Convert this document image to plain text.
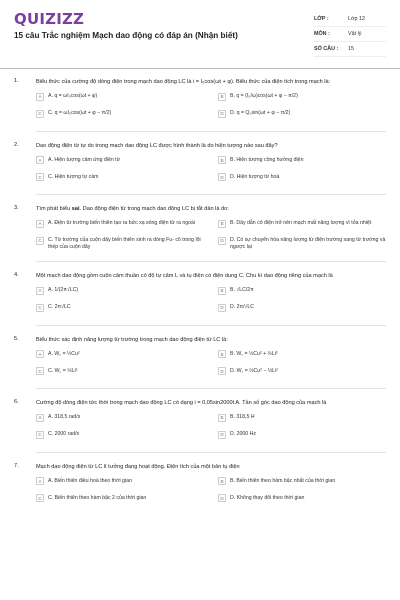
QUIZIZZ
15 câu Trắc nghiệm Mạch dao động có đáp án (Nhận biết)
LỚP :	Lớp 12
MÔN :	Vật lý
SỐ CÂU :	15
1.	Biểu thức của cường độ dòng điện trong mạch dao động LC là i = I₀cos(ωt + φ). Biểu thức của điện tích trong mạch là:
A	A. q = ωI₀cos(ωt + φ)	B	B. q = (I₀/ω)cos(ωt + φ − π/2)
C	C. q = ωI₀cos(ωt + φ − π/2)	D	D. q = Q₀sin(ωt + φ − π/2)
2.	Dao động điện từ tự do trong mạch dao động LC được hình thành là do hiện tượng nào sau đây?
A	A. Hiện tượng cảm ứng điện từ	B	B. Hiện tượng cộng hưởng điện
C	C. Hiện tượng tự cảm	D	D. Hiện tượng từ hoá
3.	Tìm phát biểu sai. Dao động điện từ trong mạch dao động LC bị tắt dần là do:
A	A. Điện từ trường biến thiên tạo ra bức xạ sóng điện từ ra ngoài	B	B. Dây dẫn có điện trở nên mạch mất năng lượng vì tỏa nhiệt
C	C. Từ trường của cuộn dây biến thiên sinh ra dòng Fu- cô trong lõi thép của cuộn dây
D	D. Có sự chuyển hóa năng lượng từ điện trường sang từ trường và ngược lại
4.	Một mạch dao động gồm cuộn cảm thuần có độ tự cảm L và tụ điện có điện dung C. Chu kì dao động riêng của mạch là
A	A. 1/(2π√LC)	B	B. √LC/2π
C	C. 2π√LC	D	D. 2π/√LC
5.	Biểu thức xác định năng lượng từ trường trong mạch dao động điện từ LC là:
A	A. W꜀ = ½Cu²	B	B. W꜀ = ½Cu² + ½Li²
C	C. W꜀ = ½Li²	D	D. W꜀ = ½Cu² − ½Li²
6.	Cường độ dòng điện tức thời trong mạch dao động LC có dạng i = 0,05sin2000t A. Tần số góc dao động của mạch là
A	A. 318,5 rad/s	B	B. 318,5 H
C	C. 2000 rad/s	D	D. 2000 Hz
7.	Mạch dao động điện từ LC lí tưởng đang hoạt động. Điện tích của một bản tụ điện
A	A. Biến thiên điều hoà theo thời gian	B	B. Biến thiên theo hàm bậc nhất của thời gian
C	C. Biến thiên theo hàm bậc 2 của thời gian	D	D. Không thay đổi theo thời gian
